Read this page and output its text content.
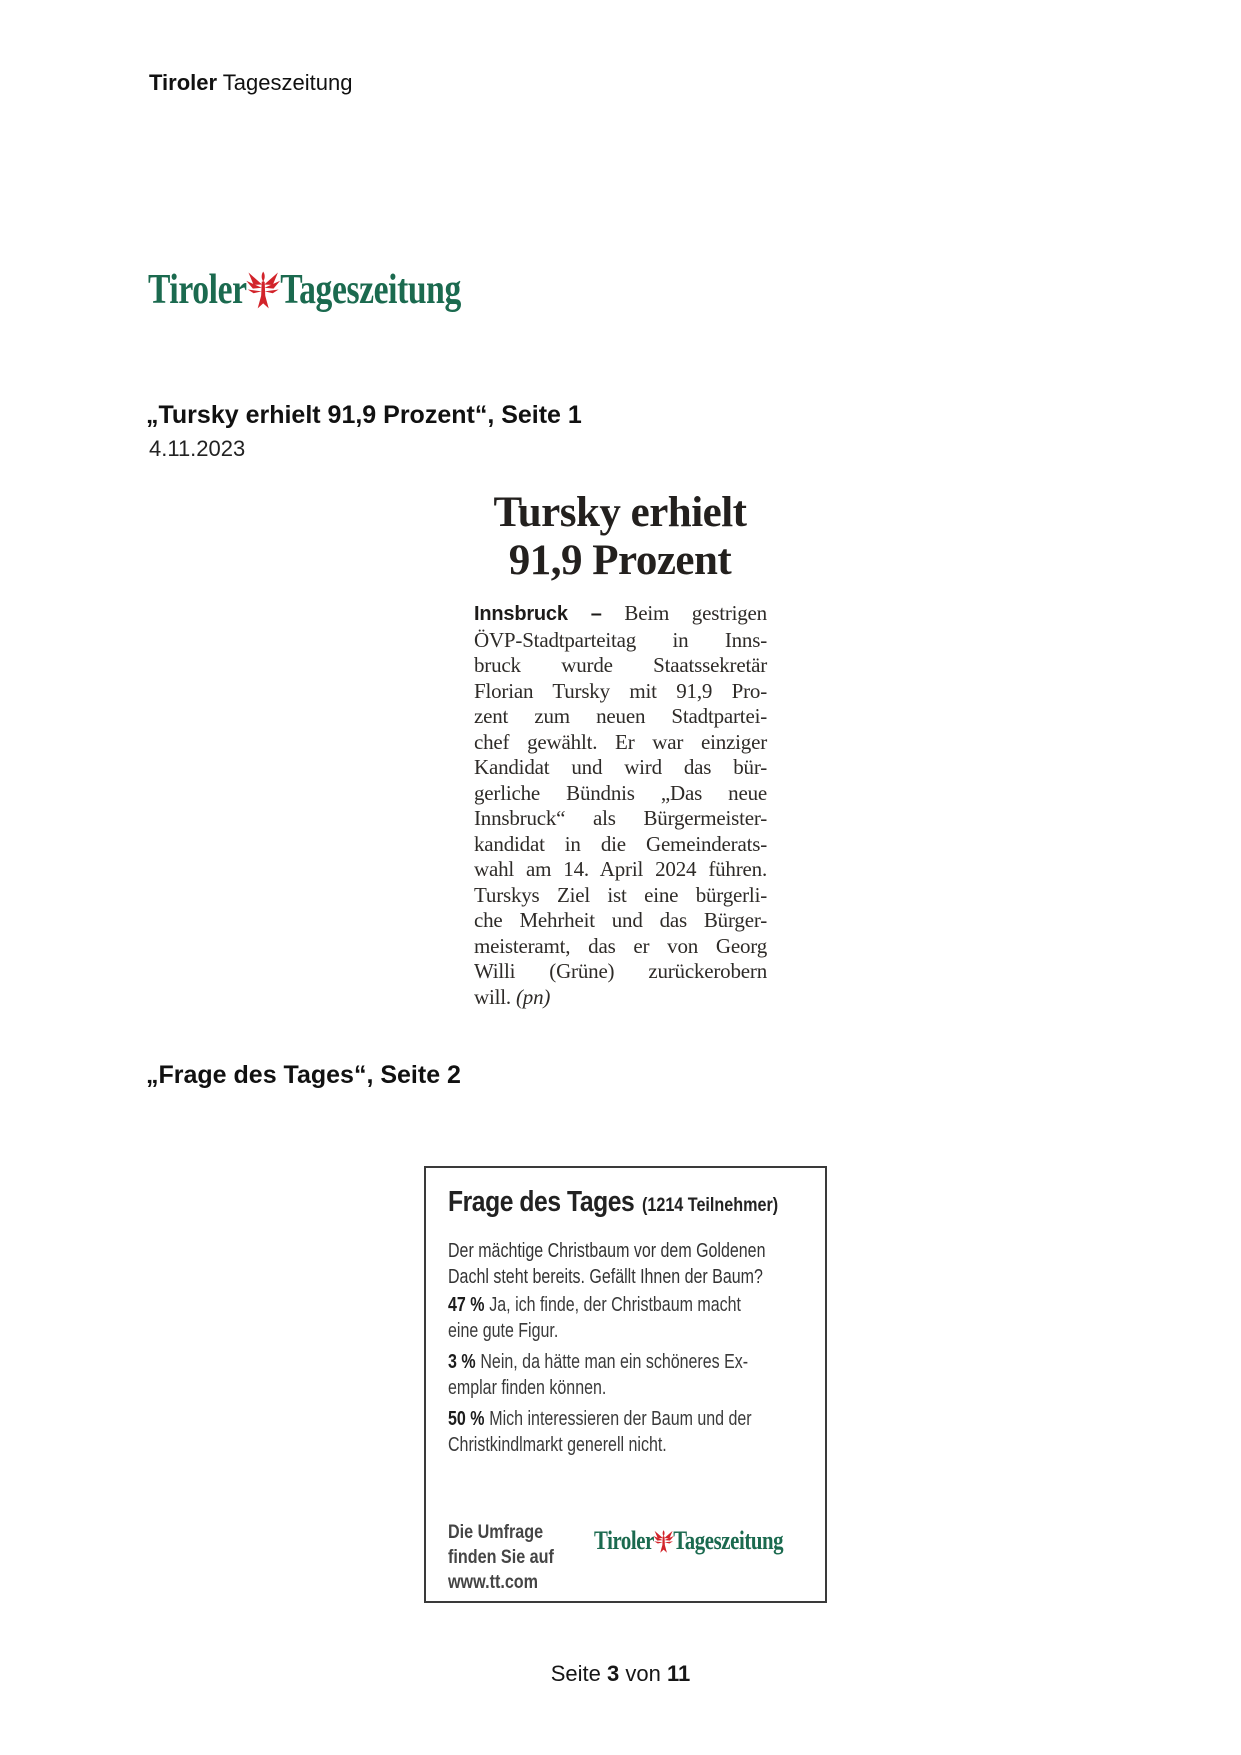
Tiroler Tageszeitung
Tiroler Tageszeitung
„Tursky erhielt 91,9 Prozent“, Seite 1
4.11.2023
Tursky erhielt
91,9 Prozent
Innsbruck – Beim gestrigen
ÖVP-Stadtparteitag in Inns-
bruck wurde Staatssekretär
Florian Tursky mit 91,9 Pro-
zent zum neuen Stadtpartei-
chef gewählt. Er war einziger
Kandidat und wird das bür-
gerliche Bündnis „Das neue
Innsbruck“ als Bürgermeister-
kandidat in die Gemeinderats-
wahl am 14. April 2024 führen.
Turskys Ziel ist eine bürgerli-
che Mehrheit und das Bürger-
meisteramt, das er von Georg
Willi (Grüne) zurückerobern
will. (pn)
„Frage des Tages“, Seite 2
Frage des Tages (1214 Teilnehmer)
Der mächtige Christbaum vor dem Goldenen
Dachl steht bereits. Gefällt Ihnen der Baum?
47 % Ja, ich finde, der Christbaum macht
eine gute Figur.
3 % Nein, da hätte man ein schöneres Ex-
emplar finden können.
50 % Mich interessieren der Baum und der
Christkindlmarkt generell nicht.
Die Umfrage
finden Sie auf
www.tt.com
Tiroler Tageszeitung
Seite 3 von 11
